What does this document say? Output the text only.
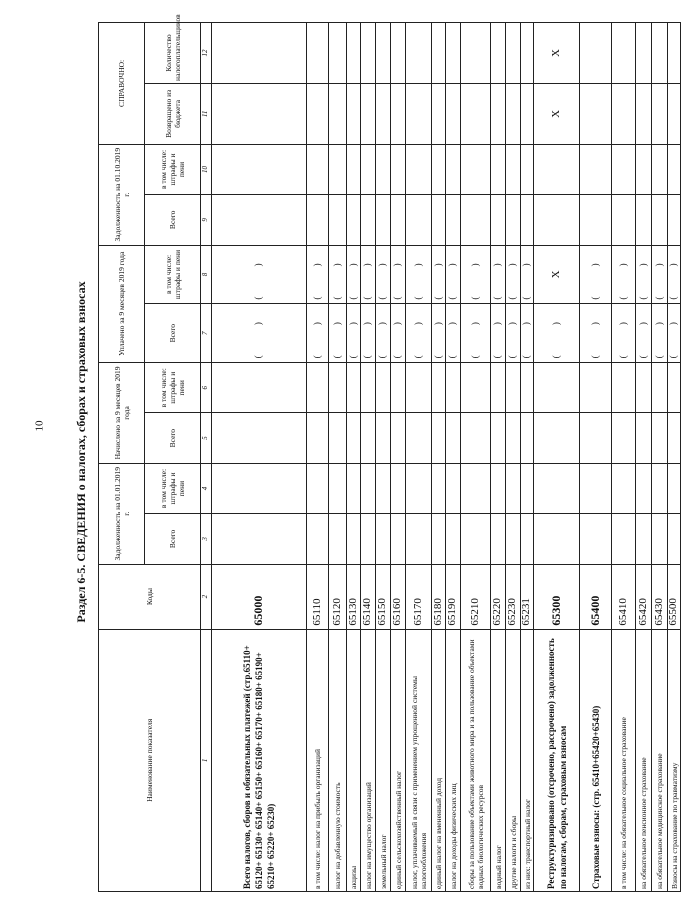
10	Раздел 6-5. СВЕДЕНИЯ о налогах, сборах и страховых взносах
Наименование показателя	Коды	Задолженность на 01.01.2019 г.		Начислено за 9 месяцев 2019 года		Уплачено за 9 месяцев 2019 года		Задолженность на 01.10.2019 г.		СПРАВОЧНО:	
		Всего	в том числе: штрафы и пени	Всего	в том числе: штрафы и пени	Всего	в том числе: штрафы и пени	Всего	в том числе: штрафы и пени	Возвращено из бюджета	Количество налогоплательщиков
1	2	3	4	5	6	7	8	9	10	11	12
Всего налогов, сборов и обязательных платежей (стр.65110+ 65120+ 65130+ 65140+ 65150+ 65160+ 65170+ 65180+ 65190+ 65210+ 65220+ 65230)	65000					( )	( )				
в том числе: налог на прибыль организаций	65110					( )	( )				
налог на добавленную стоимость	65120					( )	( )				
акцизы	65130					( )	( )				
налог на имущество организаций	65140					( )	( )				
земельный налог	65150					( )	( )				
единый сельскохозяйственный налог	65160					( )	( )				
налог, уплачиваемый в связи с применением упрощенной системы налогообложения	65170					( )	( )				
единый налог на вмененный доход	65180					( )	( )				
налог на доходы физических лиц	65190					( )	( )				
сборы за пользование объектами животного мира и за пользование объектами водных биологических ресурсов	65210					( )	( )				
водный налог	65220					( )	( )				
другие налоги и сборы	65230					( )	( )				
из них: транспортный налог	65231					( )	( )				
Реструктуризировано (отсрочено, рассрочено) задолженность по налогам, сборам, страховым взносам	65300					( )	X			X	X
Страховые взносы: (стр. 65410+65420+65430)	65400					( )	( )				
в том числе: на обязательное социальное страхование	65410					( )	( )				
на обязательное пенсионное страхование	65420					( )	( )				
на обязательное медицинское страхование	65430					( )	( )				
Взносы на страхование по травматизму	65500					( )	( )				
